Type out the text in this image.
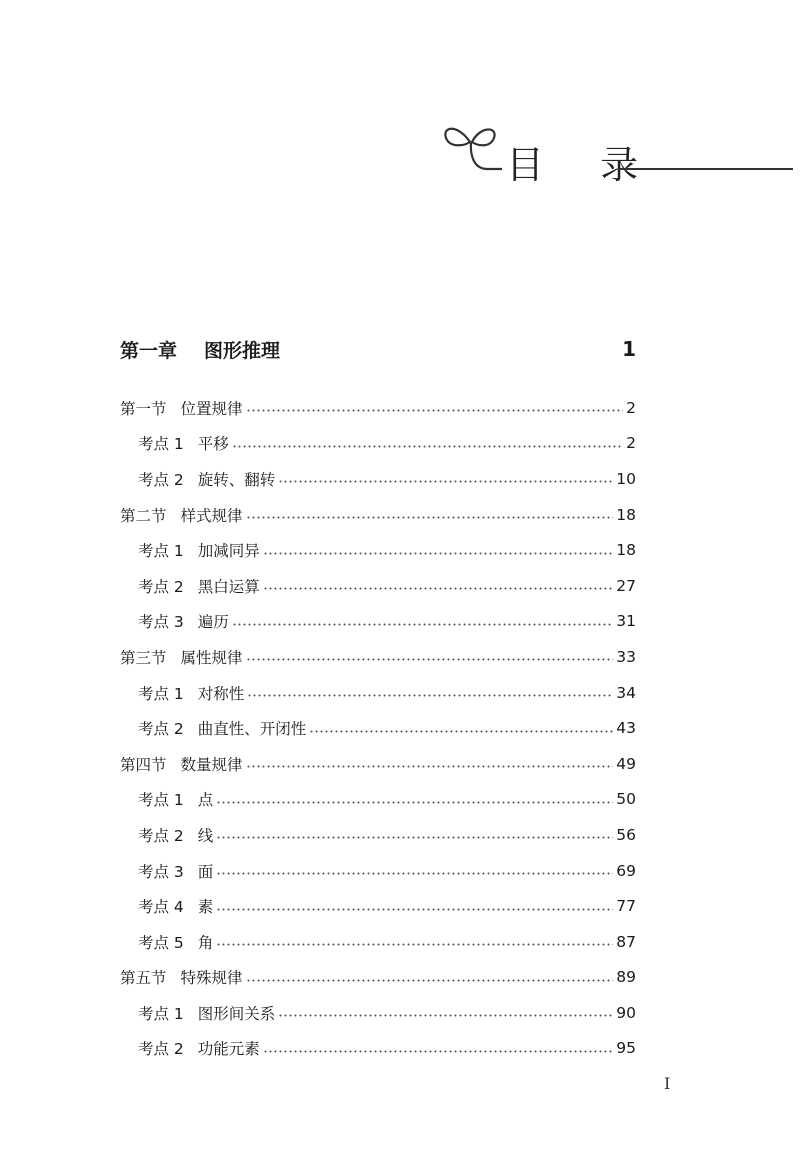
目 录
第一章	图形推理	1
第一节 位置规律	2
考点 1 平移	2
考点 2 旋转、翻转	10
第二节 样式规律	18
考点 1 加减同异	18
考点 2 黑白运算	27
考点 3 遍历	31
第三节 属性规律	33
考点 1 对称性	34
考点 2 曲直性、开闭性	43
第四节 数量规律	49
考点 1 点	50
考点 2 线	56
考点 3 面	69
考点 4 素	77
考点 5 角	87
第五节 特殊规律	89
考点 1 图形间关系	90
考点 2 功能元素	95
I
